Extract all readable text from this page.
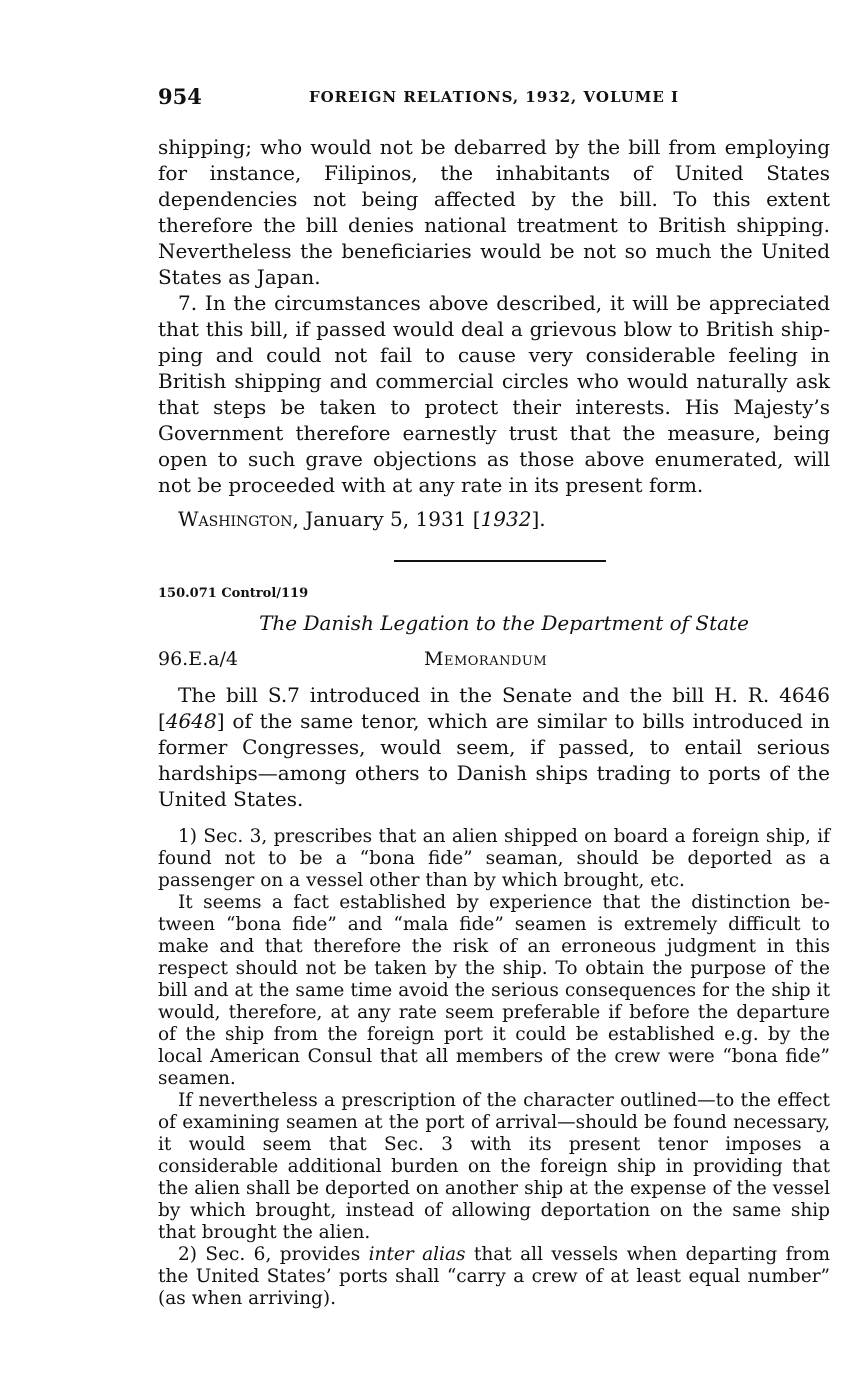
954	FOREIGN RELATIONS, 1932, VOLUME I

shipping; who would not be debarred by the bill from employing for instance, Filipinos, the inhabitants of United States dependencies not being affected by the bill. To this extent therefore the bill denies national treatment to British shipping. Nevertheless the beneficiaries would be not so much the United States as Japan.

7. In the circumstances above described, it will be appreciated that this bill, if passed would deal a grievous blow to British shipping and could not fail to cause very considerable feeling in British shipping and commercial circles who would naturally ask that steps be taken to protect their interests. His Majesty’s Government therefore earnestly trust that the measure, being open to such grave objections as those above enumerated, will not be proceeded with at any rate in its present form.

Washington, January 5, 1931 [1932].

150.071 Control/119
The Danish Legation to the Department of State
96.E.a/4	Memorandum

The bill S.7 introduced in the Senate and the bill H. R. 4646 [4648] of the same tenor, which are similar to bills introduced in former Congresses, would seem, if passed, to entail serious hardships—among others to Danish ships trading to ports of the United States.

1) Sec. 3, prescribes that an alien shipped on board a foreign ship, if found not to be a “bona fide” seaman, should be deported as a passenger on a vessel other than by which brought, etc.

It seems a fact established by experience that the distinction between “bona fide” and “mala fide” seamen is extremely difficult to make and that therefore the risk of an erroneous judgment in this respect should not be taken by the ship. To obtain the purpose of the bill and at the same time avoid the serious consequences for the ship it would, therefore, at any rate seem preferable if before the departure of the ship from the foreign port it could be established e.g. by the local American Consul that all members of the crew were “bona fide” seamen.

If nevertheless a prescription of the character outlined—to the effect of examining seamen at the port of arrival—should be found necessary, it would seem that Sec. 3 with its present tenor imposes a considerable additional burden on the foreign ship in providing that the alien shall be deported on another ship at the expense of the vessel by which brought, instead of allowing deportation on the same ship that brought the alien.

2) Sec. 6, provides inter alias that all vessels when departing from the United States’ ports shall “carry a crew of at least equal number” (as when arriving).
